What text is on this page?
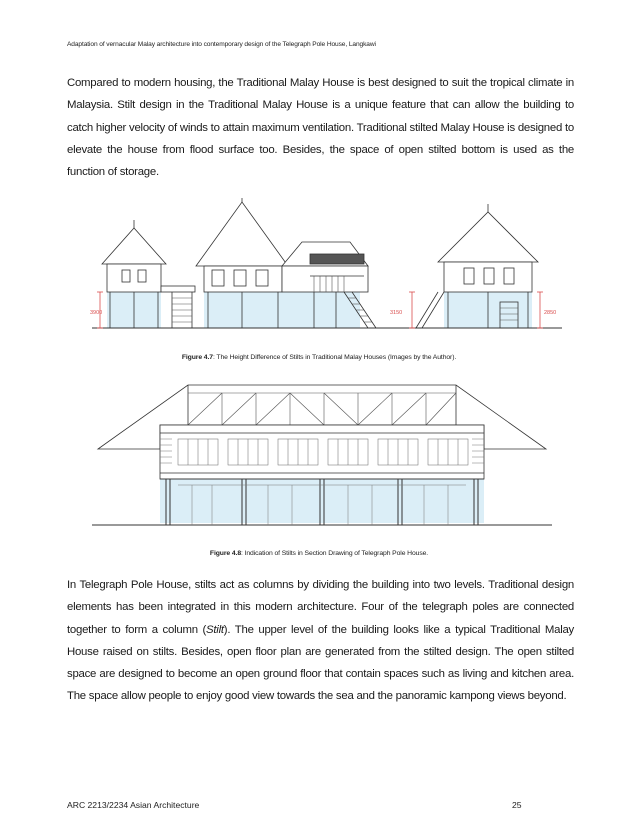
Adaptation of vernacular Malay architecture into contemporary design of the Telegraph Pole House, Langkawi

Compared to modern housing, the Traditional Malay House is best designed to suit the tropical climate in Malaysia. Stilt design in the Traditional Malay House is a unique feature that can allow the building to catch higher velocity of winds to attain maximum ventilation. Traditional stilted Malay House is designed to elevate the house from flood surface too. Besides, the space of open stilted bottom is used as the function of storage.

3900	3150	2850
Figure 4.7: The Height Difference of Stilts in Traditional Malay Houses (Images by the Author).
Figure 4.8: Indication of Stilts in Section Drawing of Telegraph Pole House.

In Telegraph Pole House, stilts act as columns by dividing the building into two levels. Traditional design elements has been integrated in this modern architecture. Four of the telegraph poles are connected together to form a column (Stilt). The upper level of the building looks like a typical Traditional Malay House raised on stilts. Besides, open floor plan are generated from the stilted design. The open stilted space are designed to become an open ground floor that contain spaces such as living and kitchen area. The space allow people to enjoy good view towards the sea and the panoramic kampong views beyond.

ARC 2213/2234 Asian Architecture	25
